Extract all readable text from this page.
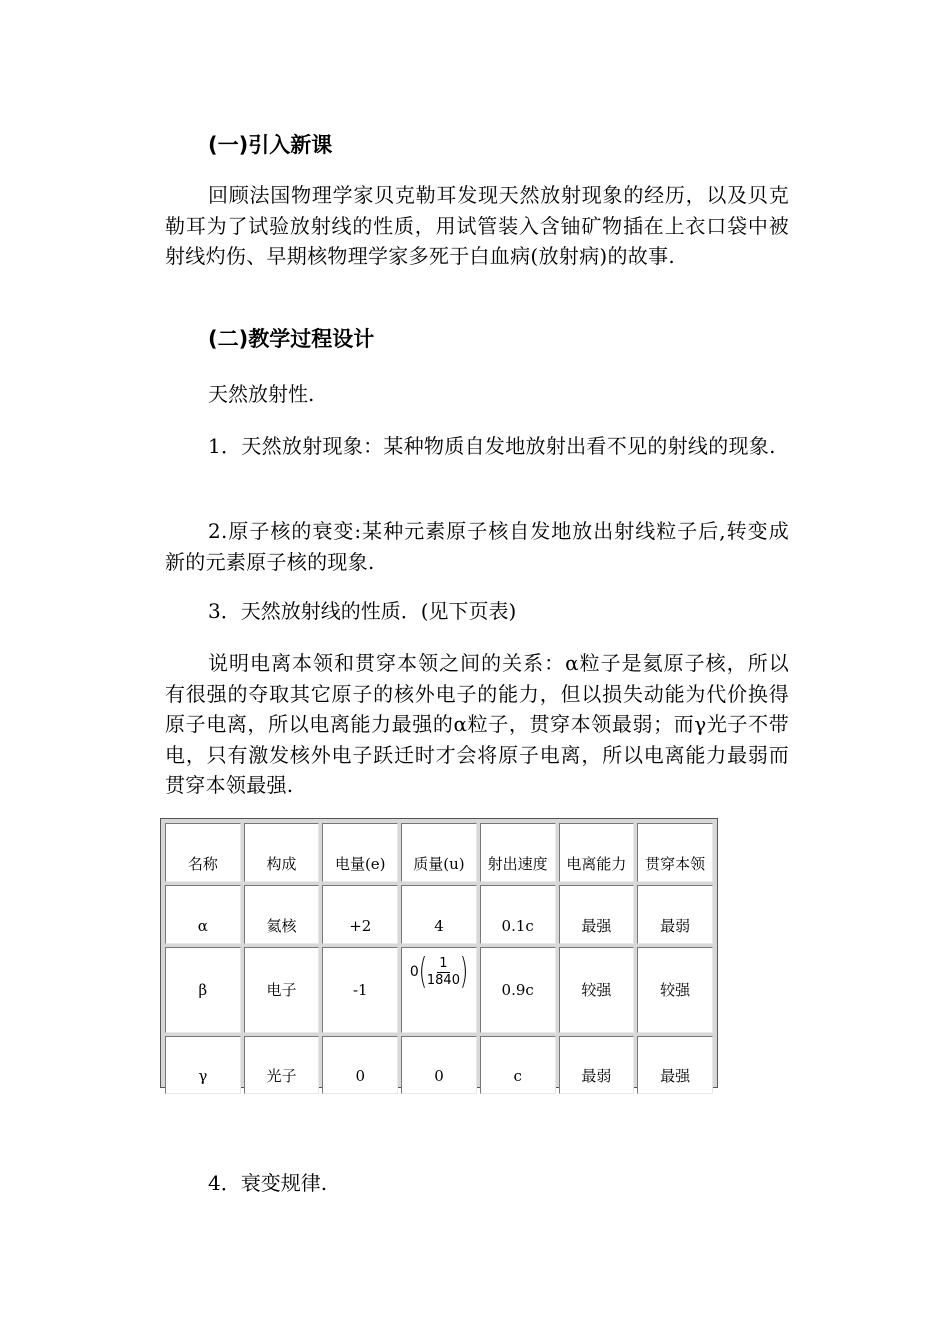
(一)引入新课
回顾法国物理学家贝克勒耳发现天然放射现象的经历，以及贝克勒耳为了试验放射线的性质，用试管装入含铀矿物插在上衣口袋中被射线灼伤、早期核物理学家多死于白血病(放射病)的故事.
(二)教学过程设计
天然放射性.
1．天然放射现象：某种物质自发地放射出看不见的射线的现象.
2.原子核的衰变:某种元素原子核自发地放出射线粒子后,转变成新的元素原子核的现象.
3．天然放射线的性质．(见下页表)
说明电离本领和贯穿本领之间的关系：α粒子是氦原子核，所以有很强的夺取其它原子的核外电子的能力，但以损失动能为代价换得原子电离，所以电离能力最强的α粒子，贯穿本领最弱；而γ光子不带电，只有激发核外电子跃迁时才会将原子电离，所以电离能力最弱而贯穿本领最强.
名称	构成	电量(e)	质量(u)	射出速度	电离能力	贯穿本领
α	氦核	+2	4	0.1c	最强	最弱
β	电子	-1	0 ( $\frac{1}{1840}$ )	0.9c	较强	较强
γ	光子	0	0	c	最弱	最强
4．衰变规律.
